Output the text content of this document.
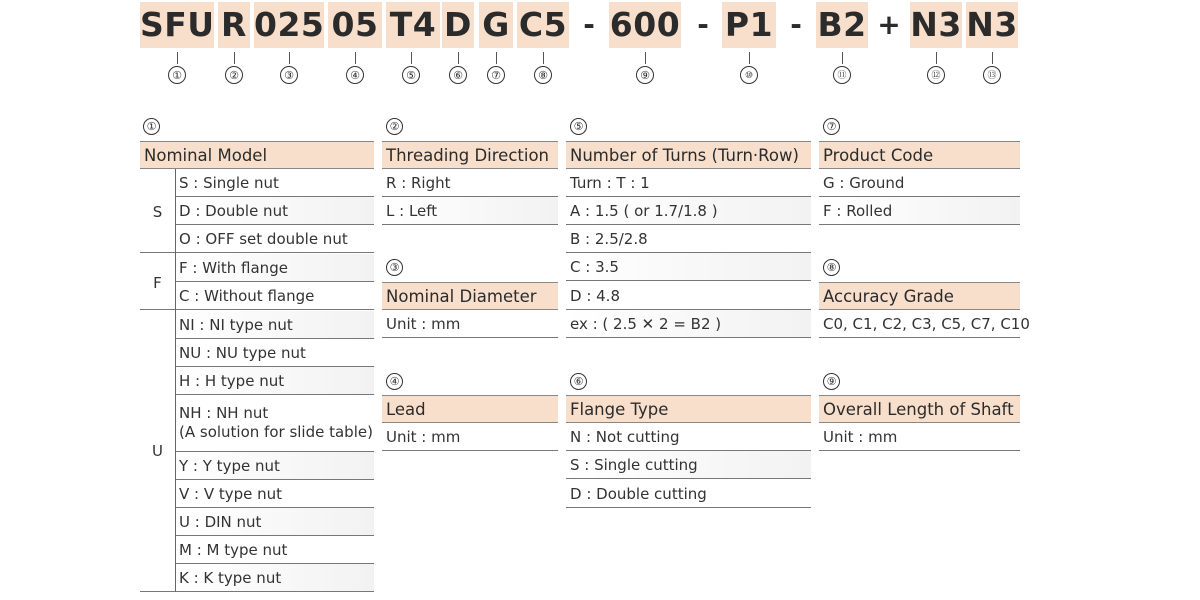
SFU R 025 05 T4 D G C5 - 600 - P1 - B2 + N3 N3
①	②	③	④	⑤	⑥	⑦	⑧	⑨	⑩	⑪	⑫	⑬
①
Nominal Model
S
S : Single nut
D : Double nut
O : OFF set double nut
F
F : With flange
C : Without flange
U
NI : NI type nut
NU : NU type nut
H : H type nut
NH : NH nut
(A solution for slide table)
Y : Y type nut
V : V type nut
U : DIN nut
M : M type nut
K : K type nut
②
Threading Direction
R : Right
L : Left
③
Nominal Diameter
Unit : mm
④
Lead
Unit : mm
⑤
Number of Turns (Turn·Row)
Turn : T : 1
A : 1.5 ( or 1.7/1.8 )
B : 2.5/2.8
C : 3.5
D : 4.8
ex : ( 2.5 ✕ 2 = B2 )
⑥
Flange Type
N : Not cutting
S : Single cutting
D : Double cutting
⑦
Product Code
G : Ground
F : Rolled
⑧
Accuracy Grade
C0, C1, C2, C3, C5, C7, C10
⑨
Overall Length of Shaft
Unit : mm
